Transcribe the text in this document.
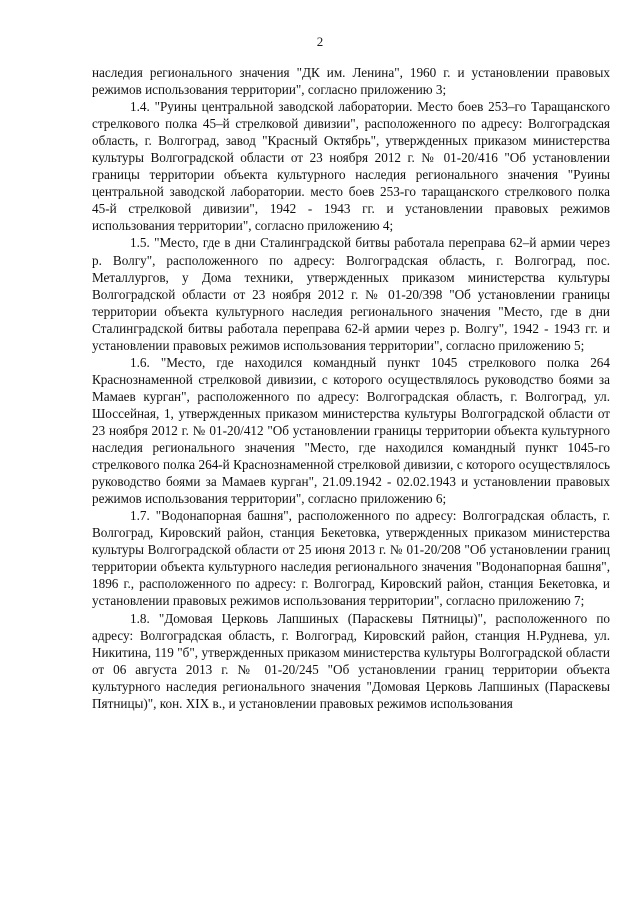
2

наследия регионального значения "ДК им. Ленина", 1960 г. и установлении правовых режимов использования территории", согласно приложению 3;

1.4. "Руины центральной заводской лаборатории. Место боев 253–го Таращанского стрелкового полка 45–й стрелковой дивизии", расположенного по адресу: Волгоградская область, г. Волгоград, завод "Красный Октябрь", утвержденных приказом министерства культуры Волгоградской области от 23 ноября 2012 г. № 01-20/416 "Об установлении границы территории объекта культурного наследия регионального значения "Руины центральной заводской лаборатории. место боев 253-го таращанского стрелкового полка 45-й стрелковой дивизии", 1942 - 1943 гг. и установлении правовых режимов использования территории", согласно приложению 4;

1.5. "Место, где в дни Сталинградской битвы работала переправа 62–й армии через р. Волгу", расположенного по адресу: Волгоградская область, г. Волгоград, пос. Металлургов, у Дома техники, утвержденных приказом министерства культуры Волгоградской области от 23 ноября 2012 г. № 01-20/398 "Об установлении границы территории объекта культурного наследия регионального значения "Место, где в дни Сталинградской битвы работала переправа 62-й армии через р. Волгу", 1942 - 1943 гг. и установлении правовых режимов использования территории", согласно приложению 5;

1.6. "Место, где находился командный пункт 1045 стрелкового полка 264 Краснознаменной стрелковой дивизии, с которого осуществлялось руководство боями за Мамаев курган", расположенного по адресу: Волгоградская область, г. Волгоград, ул. Шоссейная, 1, утвержденных приказом министерства культуры Волгоградской области от 23 ноября 2012 г. № 01-20/412 "Об установлении границы территории объекта культурного наследия регионального значения "Место, где находился командный пункт 1045-го стрелкового полка 264-й Краснознаменной стрелковой дивизии, с которого осуществлялось руководство боями за Мамаев курган", 21.09.1942 - 02.02.1943 и установлении правовых режимов использования территории", согласно приложению 6;

1.7. "Водонапорная башня", расположенного по адресу: Волгоградская область, г. Волгоград, Кировский район, станция Бекетовка, утвержденных приказом министерства культуры Волгоградской области от 25 июня 2013 г. № 01-20/208 "Об установлении границ территории объекта культурного наследия регионального значения "Водонапорная башня", 1896 г., расположенного по адресу: г. Волгоград, Кировский район, станция Бекетовка, и установлении правовых режимов использования территории", согласно приложению 7;

1.8. "Домовая Церковь Лапшиных (Параскевы Пятницы)", расположенного по адресу: Волгоградская область, г. Волгоград, Кировский район, станция Н.Руднева, ул. Никитина, 119 "б", утвержденных приказом министерства культуры Волгоградской области от 06 августа 2013 г. № 01-20/245 "Об установлении границ территории объекта культурного наследия регионального значения "Домовая Церковь Лапшиных (Параскевы Пятницы)", кон. XIX в., и установлении правовых режимов использования
